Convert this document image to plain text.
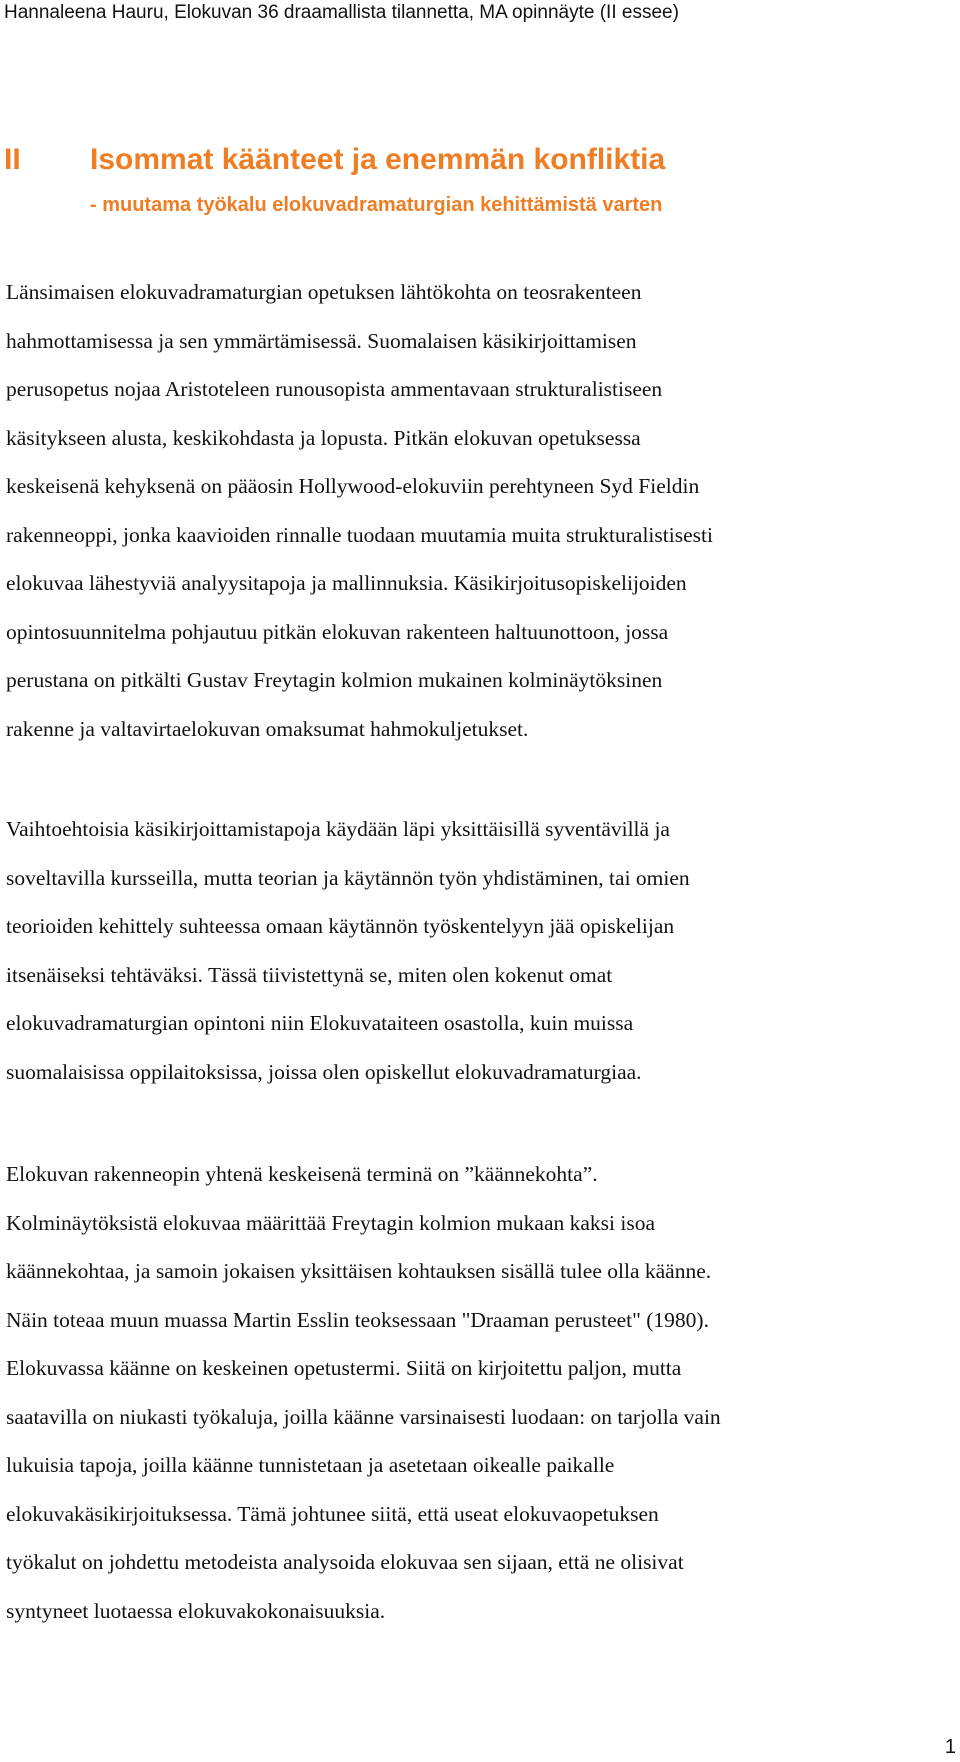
Hannaleena Hauru, Elokuvan 36 draamallista tilannetta, MA opinnäyte (II essee)
II Isommat käänteet ja enemmän konfliktia
- muutama työkalu elokuvadramaturgian kehittämistä varten
Länsimaisen elokuvadramaturgian opetuksen lähtökohta on teosrakenteen
hahmottamisessa ja sen ymmärtämisessä. Suomalaisen käsikirjoittamisen
perusopetus nojaa Aristoteleen runousopista ammentavaan strukturalistiseen
käsitykseen alusta, keskikohdasta ja lopusta. Pitkän elokuvan opetuksessa
keskeisenä kehyksenä on pääosin Hollywood-elokuviin perehtyneen Syd Fieldin
rakenneoppi, jonka kaavioiden rinnalle tuodaan muutamia muita strukturalistisesti
elokuvaa lähestyviä analyysitapoja ja mallinnuksia. Käsikirjoitusopiskelijoiden
opintosuunnitelma pohjautuu pitkän elokuvan rakenteen haltuunottoon, jossa
perustana on pitkälti Gustav Freytagin kolmion mukainen kolminäytöksinen
rakenne ja valtavirtaelokuvan omaksumat hahmokuljetukset.
Vaihtoehtoisia käsikirjoittamistapoja käydään läpi yksittäisillä syventävillä ja
soveltavilla kursseilla, mutta teorian ja käytännön työn yhdistäminen, tai omien
teorioiden kehittely suhteessa omaan käytännön työskentelyyn jää opiskelijan
itsenäiseksi tehtäväksi. Tässä tiivistettynä se, miten olen kokenut omat
elokuvadramaturgian opintoni niin Elokuvataiteen osastolla, kuin muissa
suomalaisissa oppilaitoksissa, joissa olen opiskellut elokuvadramaturgiaa.
Elokuvan rakenneopin yhtenä keskeisenä terminä on ”käännekohta”.
Kolminäytöksistä elokuvaa määrittää Freytagin kolmion mukaan kaksi isoa
käännekohtaa, ja samoin jokaisen yksittäisen kohtauksen sisällä tulee olla käänne.
Näin toteaa muun muassa Martin Esslin teoksessaan "Draaman perusteet" (1980).
Elokuvassa käänne on keskeinen opetustermi. Siitä on kirjoitettu paljon, mutta
saatavilla on niukasti työkaluja, joilla käänne varsinaisesti luodaan: on tarjolla vain
lukuisia tapoja, joilla käänne tunnistetaan ja asetetaan oikealle paikalle
elokuvakäsikirjoituksessa. Tämä johtunee siitä, että useat elokuvaopetuksen
työkalut on johdettu metodeista analysoida elokuvaa sen sijaan, että ne olisivat
syntyneet luotaessa elokuvakokonaisuuksia.
1
